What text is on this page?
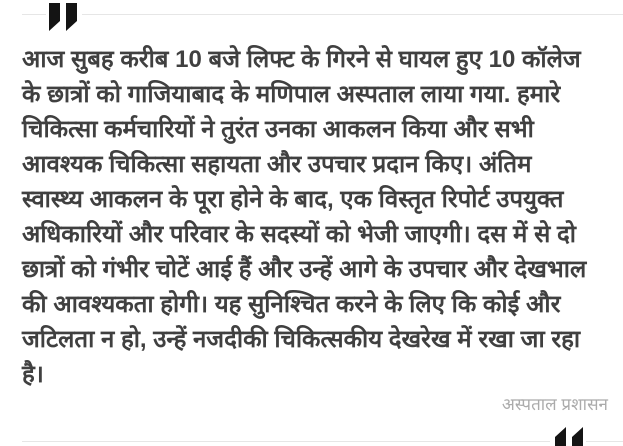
आज सुबह करीब 10 बजे लिफ्ट के गिरने से घायल हुए 10 कॉलेज
के छात्रों को गाजियाबाद के मणिपाल अस्पताल लाया गया. हमारे
चिकित्सा कर्मचारियों ने तुरंत उनका आकलन किया और सभी
आवश्यक चिकित्सा सहायता और उपचार प्रदान किए। अंतिम
स्वास्थ्य आकलन के पूरा होने के बाद, एक विस्तृत रिपोर्ट उपयुक्त
अधिकारियों और परिवार के सदस्यों को भेजी जाएगी। दस में से दो
छात्रों को गंभीर चोटें आई हैं और उन्हें आगे के उपचार और देखभाल
की आवश्यकता होगी। यह सुनिश्चित करने के लिए कि कोई और
जटिलता न हो, उन्हें नजदीकी चिकित्सकीय देखरेख में रखा जा रहा
है।
अस्पताल प्रशासन
